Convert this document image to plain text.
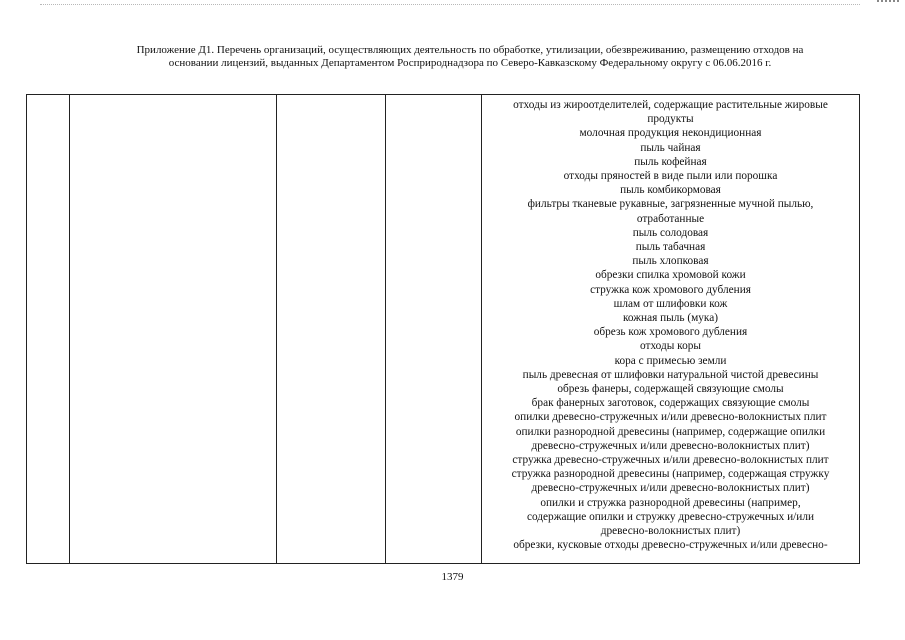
Приложение Д1. Перечень организаций, осуществляющих деятельность по обработке, утилизации, обезвреживанию, размещению отходов на
основании лицензий, выданных Департаментом Росприроднадзора по Северо-Кавказскому Федеральному округу с 06.06.2016 г.

отходы из жироотделителей, содержащие растительные жировые
продукты
молочная продукция некондиционная
пыль чайная
пыль кофейная
отходы пряностей в виде пыли или порошка
пыль комбикормовая
фильтры тканевые рукавные, загрязненные мучной пылью,
отработанные
пыль солодовая
пыль табачная
пыль хлопковая
обрезки спилка хромовой кожи
стружка кож хромового дубления
шлам от шлифовки кож
кожная пыль (мука)
обрезь кож хромового дубления
отходы коры
кора с примесью земли
пыль древесная от шлифовки натуральной чистой древесины
обрезь фанеры, содержащей связующие смолы
брак фанерных заготовок, содержащих связующие смолы
опилки древесно-стружечных и/или древесно-волокнистых плит
опилки разнородной древесины (например, содержащие опилки
древесно-стружечных и/или древесно-волокнистых плит)
стружка древесно-стружечных и/или древесно-волокнистых плит
стружка разнородной древесины (например, содержащая стружку
древесно-стружечных и/или древесно-волокнистых плит)
опилки и стружка разнородной древесины (например,
содержащие опилки и стружку древесно-стружечных и/или
древесно-волокнистых плит)
обрезки, кусковые отходы древесно-стружечных и/или древесно-
1379
